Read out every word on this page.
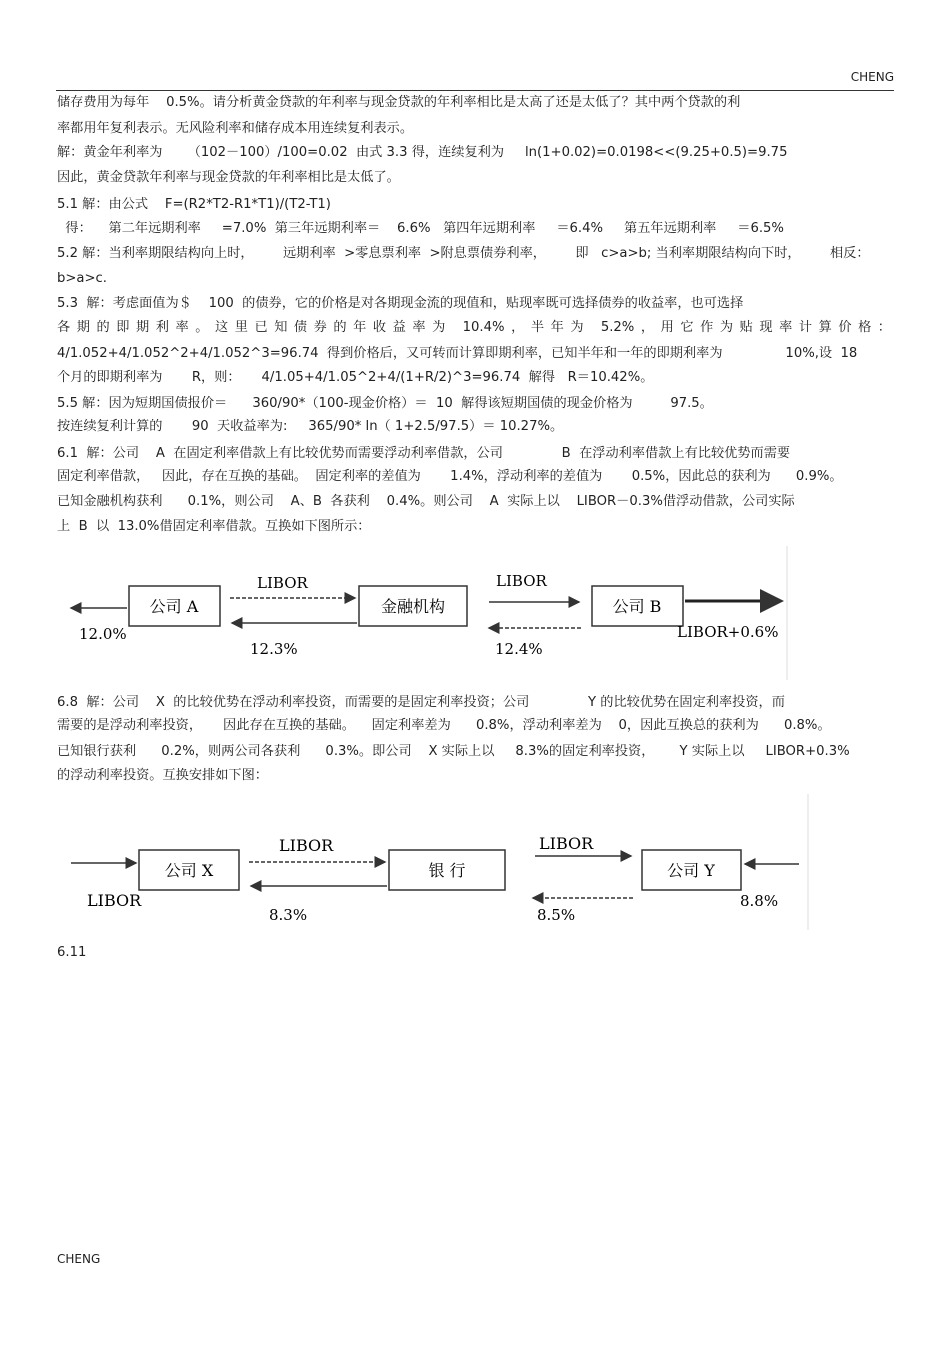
CHENG
储存费用为每年    0.5%。请分析黄金贷款的年利率与现金贷款的年利率相比是太高了还是太低了？其中两个贷款的利
率都用年复利表示。无风险利率和储存成本用连续复利表示。
解：黄金年利率为      （102－100）/100=0.02  由式 3.3 得，连续复利为     ln(1+0.02)=0.0198<<(9.25+0.5)=9.75
因此，黄金贷款年利率与现金贷款的年利率相比是太低了。
5.1 解：由公式    F=(R2*T2-R1*T1)/(T2-T1)
得：    第二年远期利率     =7.0%  第三年远期利率＝    6.6%   第四年远期利率     ＝6.4%     第五年远期利率     ＝6.5%
5.2 解：当利率期限结构向上时，       远期利率  >零息票利率  >附息票债券利率，       即   c>a>b; 当利率期限结构向下时，       相反：
b>a>c.
5.3  解：考虑面值为＄    100  的债券，它的价格是对各期现金流的现值和，贴现率既可选择债券的收益率，也可选择
各期的即期利率。这里已知债券的年收益率为 10.4%，半年为 5.2%，用它作为贴现率计算价格：
4/1.052+4/1.052^2+4/1.052^3=96.74  得到价格后，又可转而计算即期利率，已知半年和一年的即期利率为               10%,设  18
个月的即期利率为       R，则：     4/1.05+4/1.05^2+4/(1+R/2)^3=96.74  解得   R＝10.42%。
5.5 解：因为短期国债报价＝      360/90*（100-现金价格）＝  10  解得该短期国债的现金价格为         97.5。
按连续复利计算的       90  天收益率为:     365/90* ln（ 1+2.5/97.5）＝ 10.27%。
6.1  解：公司    A  在固定利率借款上有比较优势而需要浮动利率借款，公司              B  在浮动利率借款上有比较优势而需要
固定利率借款，   因此，存在互换的基础。  固定利率的差值为       1.4%，浮动利率的差值为       0.5%，因此总的获利为      0.9%。
已知金融机构获利      0.1%，则公司    A、B  各获利    0.4%。则公司    A  实际上以    LIBOR－0.3%借浮动借款，公司实际
上  B  以  13.0%借固定利率借款。互换如下图所示：
公司 A	金融机构	公司 B
LIBOR	LIBOR
12.0%
12.3%	12.4%
LIBOR+0.6%
6.8  解：公司    X  的比较优势在浮动利率投资，而需要的是固定利率投资；公司              Y 的比较优势在固定利率投资，而
需要的是浮动利率投资，     因此存在互换的基础。    固定利率差为      0.8%，浮动利率差为    0，因此互换总的获利为      0.8%。
已知银行获利      0.2%，则两公司各获利      0.3%。即公司    X 实际上以     8.3%的固定利率投资，      Y 实际上以     LIBOR+0.3%
的浮动利率投资。互换安排如下图：
公司 X	银 行	公司 Y
LIBOR	LIBOR
LIBOR
8.3%	8.5%
8.8%
6.11
CHENG
